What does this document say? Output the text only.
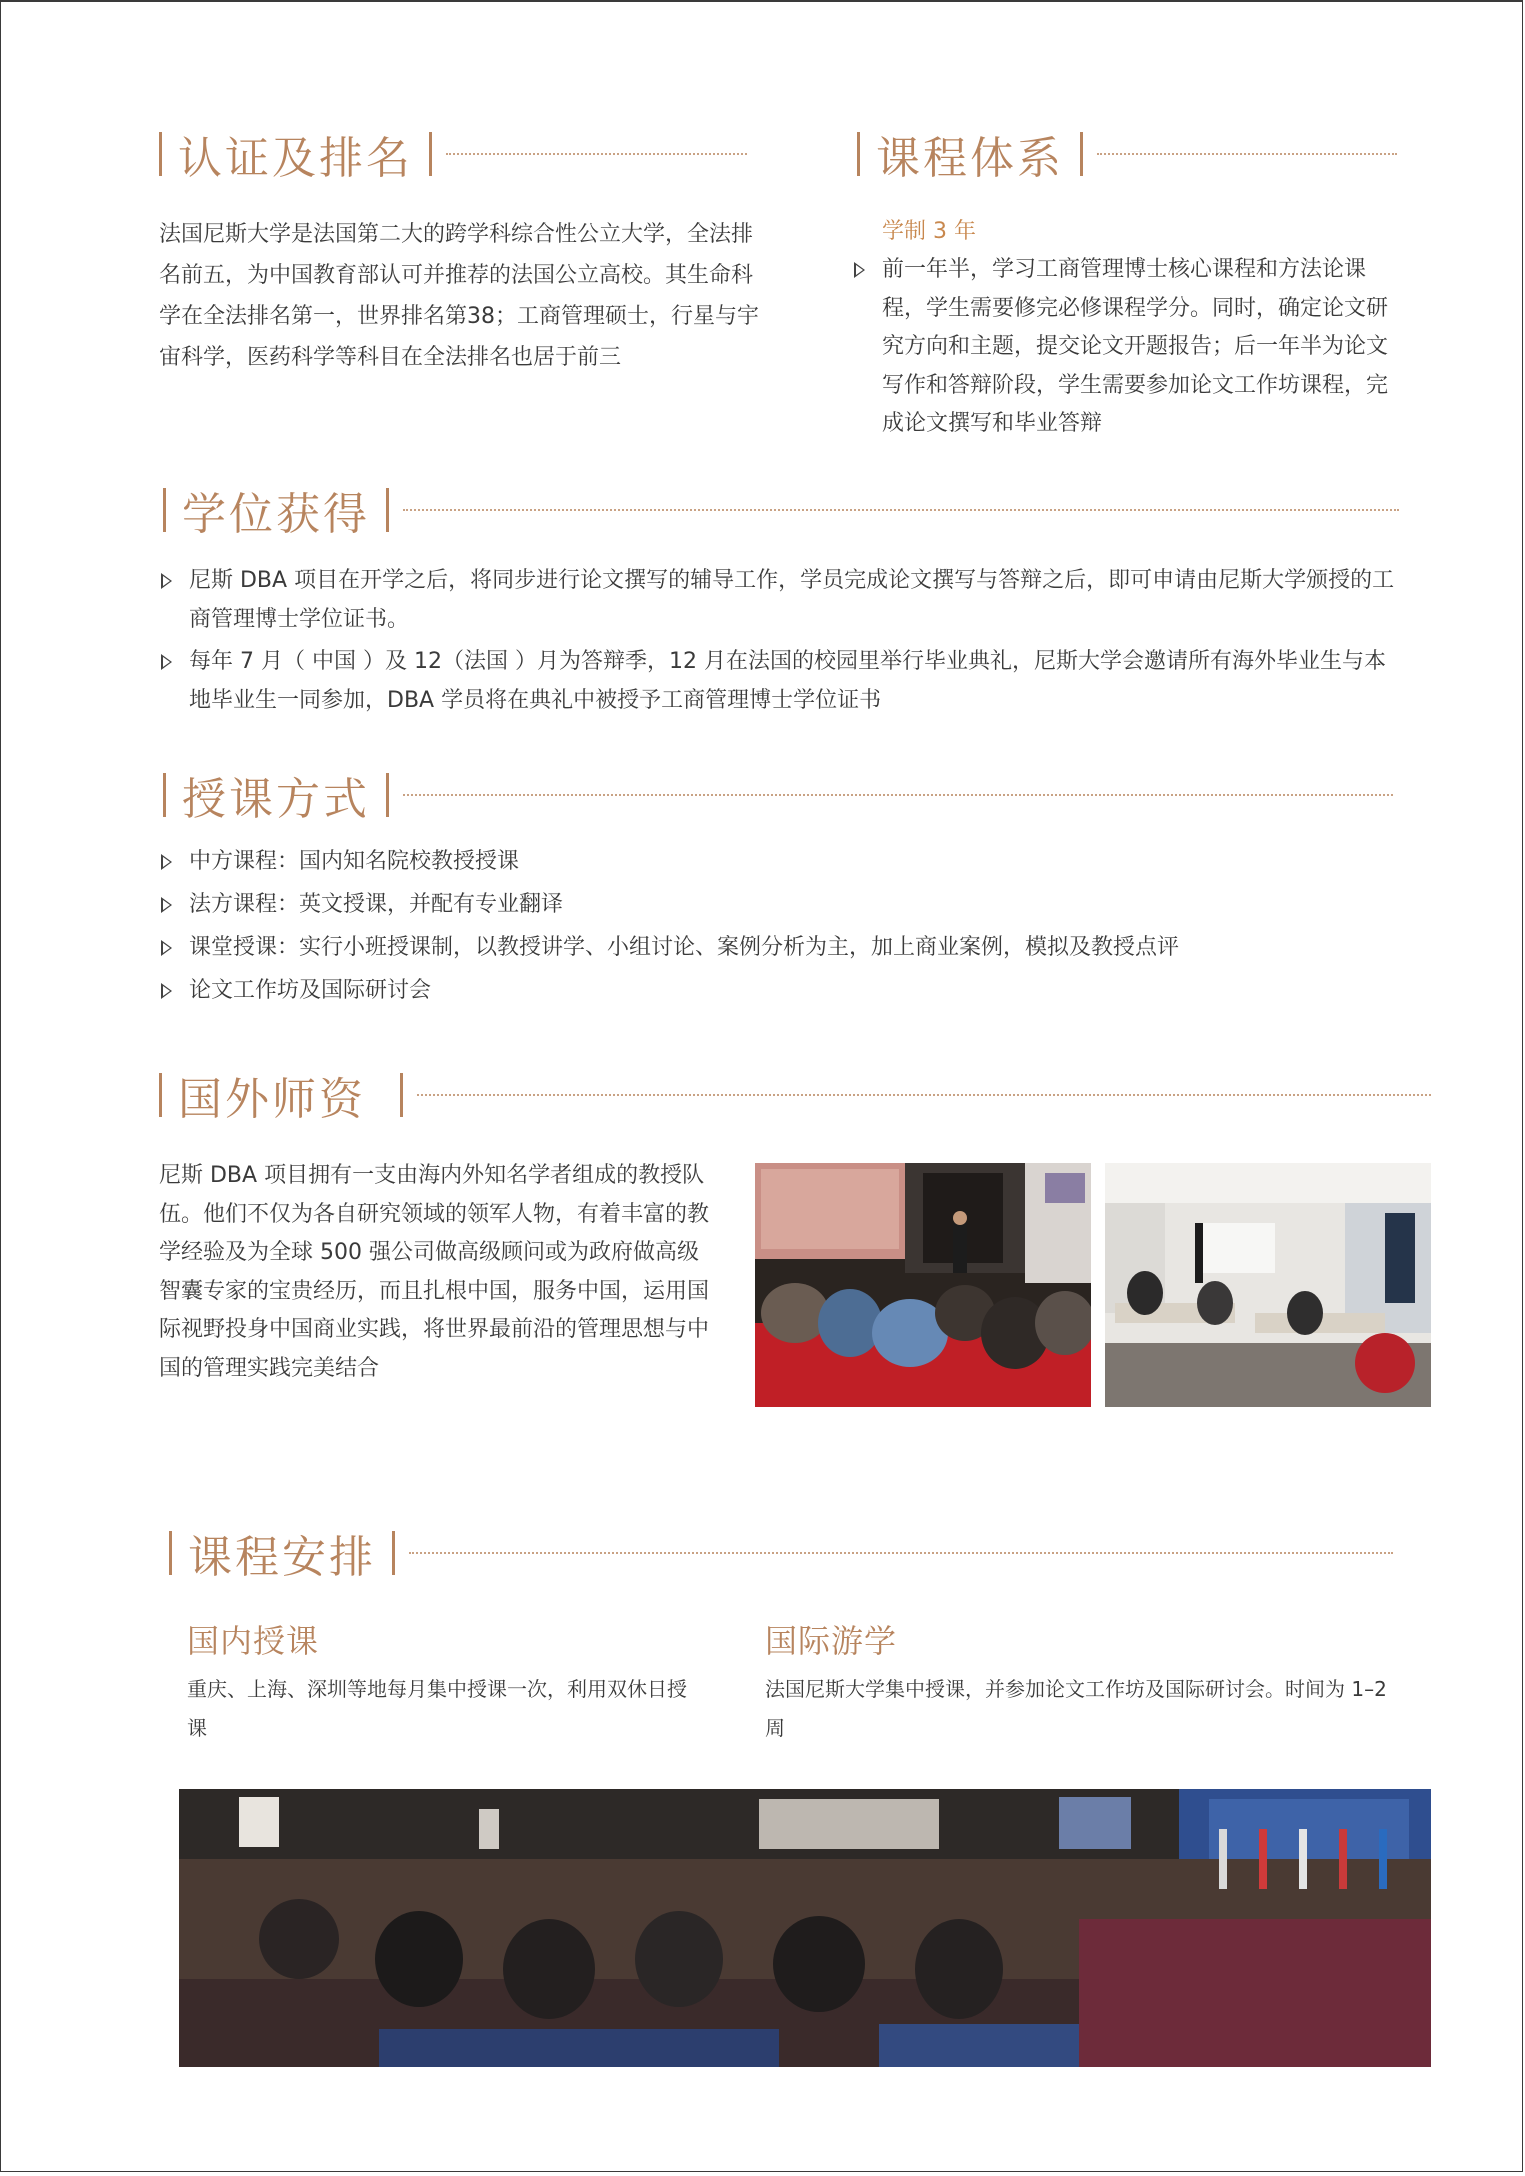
认证及排名

法国尼斯大学是法国第二大的跨学科综合性公立大学，全法排名前五，为中国教育部认可并推荐的法国公立高校。其生命科学在全法排名第一，世界排名第38；工商管理硕士，行星与宇宙科学，医药科学等科目在全法排名也居于前三

课程体系
学制 3 年
前一年半，学习工商管理博士核心课程和方法论课程，学生需要修完必修课程学分。同时，确定论文研究方向和主题，提交论文开题报告；后一年半为论文写作和答辩阶段，学生需要参加论文工作坊课程，完成论文撰写和毕业答辩
学位获得
尼斯 DBA 项目在开学之后，将同步进行论文撰写的辅导工作，学员完成论文撰写与答辩之后，即可申请由尼斯大学颁授的工商管理博士学位证书。
每年 7 月（ 中国 ）及 12（法国 ）月为答辩季，12 月在法国的校园里举行毕业典礼，尼斯大学会邀请所有海外毕业生与本地毕业生一同参加，DBA 学员将在典礼中被授予工商管理博士学位证书
授课方式
中方课程：国内知名院校教授授课
法方课程：英文授课，并配有专业翻译
课堂授课：实行小班授课制，以教授讲学、小组讨论、案例分析为主，加上商业案例，模拟及教授点评
论文工作坊及国际研讨会
国外师资

尼斯 DBA 项目拥有一支由海内外知名学者组成的教授队伍。他们不仅为各自研究领域的领军人物，有着丰富的教学经验及为全球 500 强公司做高级顾问或为政府做高级智囊专家的宝贵经历，而且扎根中国，服务中国，运用国际视野投身中国商业实践，将世界最前沿的管理思想与中国的管理实践完美结合

课程安排
国内授课

重庆、上海、深圳等地每月集中授课一次，利用双休日授课

国际游学

法国尼斯大学集中授课，并参加论文工作坊及国际研讨会。时间为 1–2 周
